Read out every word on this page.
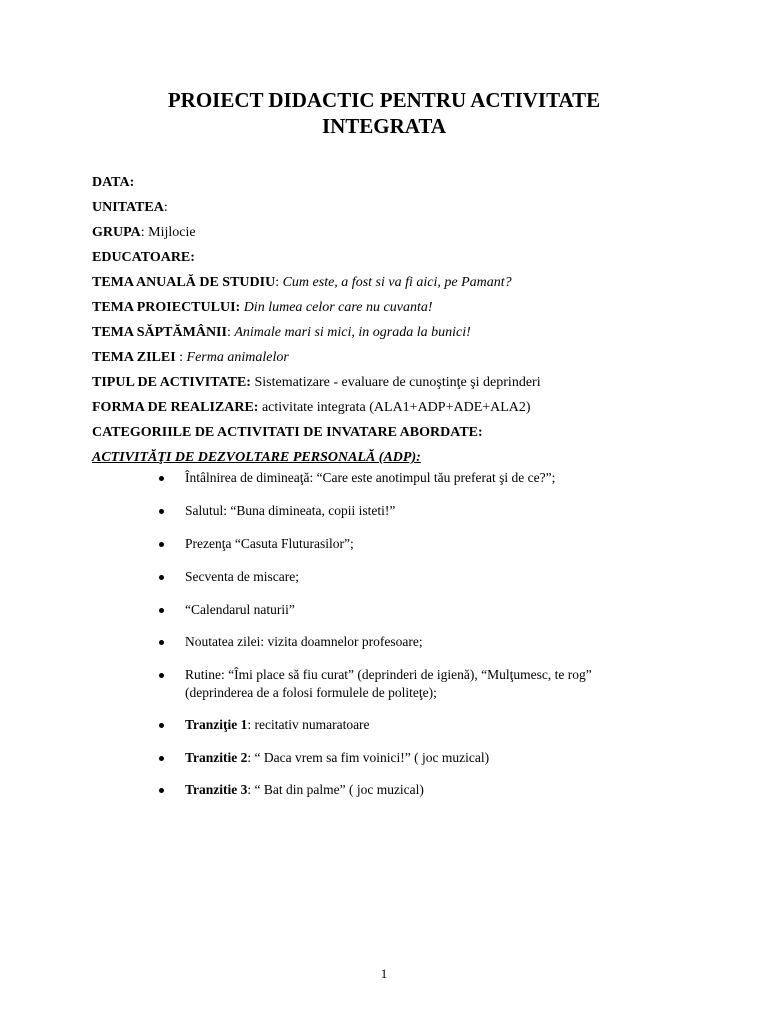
PROIECT DIDACTIC PENTRU ACTIVITATE
INTEGRATA

DATA:

UNITATEA:

GRUPA: Mijlocie

EDUCATOARE:

TEMA ANUALĂ DE STUDIU: Cum este, a fost si va fi aici, pe Pamant?

TEMA PROIECTULUI: Din lumea celor care nu cuvanta!

TEMA SĂPTĂMÂNII: Animale mari si mici, in ograda la bunici!

TEMA ZILEI : Ferma animalelor

TIPUL DE ACTIVITATE: Sistematizare - evaluare de cunoştinţe şi deprinderi

FORMA DE REALIZARE: activitate integrata (ALA1+ADP+ADE+ALA2)

CATEGORIILE DE ACTIVITATI DE INVATARE ABORDATE:

ACTIVITĂŢI DE DEZVOLTARE PERSONALĂ (ADP):

Întâlnirea de dimineaţă: “Care este anotimpul tău preferat şi de ce?”;
Salutul: “Buna dimineata, copii isteti!”
Prezenţa “Casuta Fluturasilor”;
Secventa de miscare;
“Calendarul naturii”
Noutatea zilei: vizita doamnelor profesoare;
Rutine: “Îmi place să fiu curat” (deprinderi de igienă), “Mulţumesc, te rog”
(deprinderea de a folosi formulele de politeţe);
Tranziţie 1: recitativ numaratoare
Tranzitie 2: “ Daca vrem sa fim voinici!” ( joc muzical)
Tranzitie 3: “ Bat din palme” ( joc muzical)
1
